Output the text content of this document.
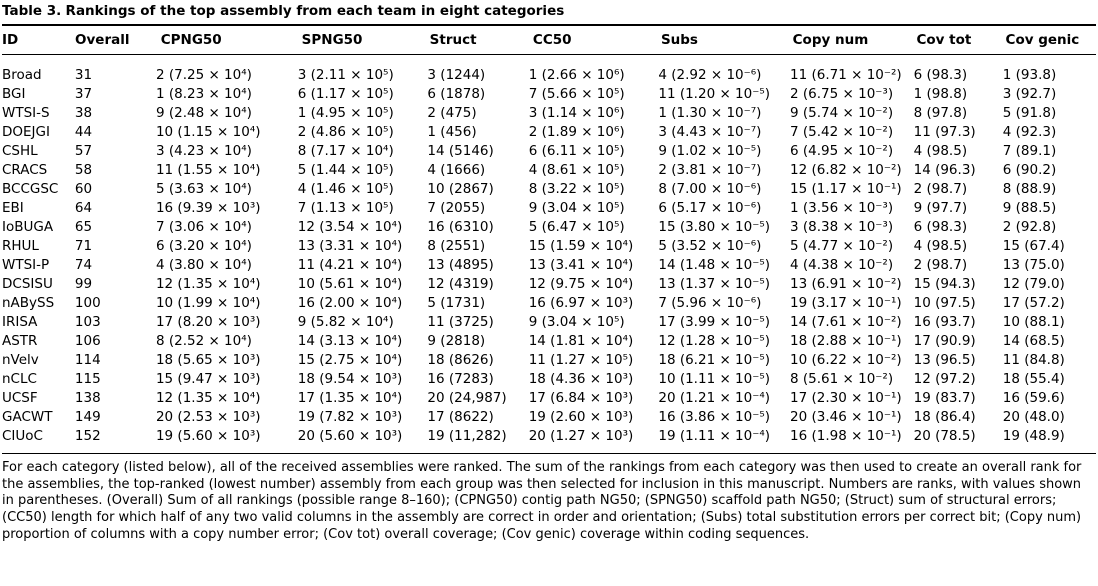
Table 3. Rankings of the top assembly from each team in eight categories
ID	Overall	CPNG50	SPNG50	Struct	CC50	Subs	Copy num	Cov tot	Cov genic

Broad	31	2 (7.25 × 10⁴)	3 (2.11 × 10⁵)	3 (1244)	1 (2.66 × 10⁶)	4 (2.92 × 10⁻⁶)	11 (6.71 × 10⁻²)	6 (98.3)	1 (93.8)
BGI	37	1 (8.23 × 10⁴)	6 (1.17 × 10⁵)	6 (1878)	7 (5.66 × 10⁵)	11 (1.20 × 10⁻⁵)	2 (6.75 × 10⁻³)	1 (98.8)	3 (92.7)
WTSI-S	38	9 (2.48 × 10⁴)	1 (4.95 × 10⁵)	2 (475)	3 (1.14 × 10⁶)	1 (1.30 × 10⁻⁷)	9 (5.74 × 10⁻²)	8 (97.8)	5 (91.8)
DOEJGI	44	10 (1.15 × 10⁴)	2 (4.86 × 10⁵)	1 (456)	2 (1.89 × 10⁶)	3 (4.43 × 10⁻⁷)	7 (5.42 × 10⁻²)	11 (97.3)	4 (92.3)
CSHL	57	3 (4.23 × 10⁴)	8 (7.17 × 10⁴)	14 (5146)	6 (6.11 × 10⁵)	9 (1.02 × 10⁻⁵)	6 (4.95 × 10⁻²)	4 (98.5)	7 (89.1)
CRACS	58	11 (1.55 × 10⁴)	5 (1.44 × 10⁵)	4 (1666)	4 (8.61 × 10⁵)	2 (3.81 × 10⁻⁷)	12 (6.82 × 10⁻²)	14 (96.3)	6 (90.2)
BCCGSC	60	5 (3.63 × 10⁴)	4 (1.46 × 10⁵)	10 (2867)	8 (3.22 × 10⁵)	8 (7.00 × 10⁻⁶)	15 (1.17 × 10⁻¹)	2 (98.7)	8 (88.9)
EBI	64	16 (9.39 × 10³)	7 (1.13 × 10⁵)	7 (2055)	9 (3.04 × 10⁵)	6 (5.17 × 10⁻⁶)	1 (3.56 × 10⁻³)	9 (97.7)	9 (88.5)
IoBUGA	65	7 (3.06 × 10⁴)	12 (3.54 × 10⁴)	16 (6310)	5 (6.47 × 10⁵)	15 (3.80 × 10⁻⁵)	3 (8.38 × 10⁻³)	6 (98.3)	2 (92.8)
RHUL	71	6 (3.20 × 10⁴)	13 (3.31 × 10⁴)	8 (2551)	15 (1.59 × 10⁴)	5 (3.52 × 10⁻⁶)	5 (4.77 × 10⁻²)	4 (98.5)	15 (67.4)
WTSI-P	74	4 (3.80 × 10⁴)	11 (4.21 × 10⁴)	13 (4895)	13 (3.41 × 10⁴)	14 (1.48 × 10⁻⁵)	4 (4.38 × 10⁻²)	2 (98.7)	13 (75.0)
DCSISU	99	12 (1.35 × 10⁴)	10 (5.61 × 10⁴)	12 (4319)	12 (9.75 × 10⁴)	13 (1.37 × 10⁻⁵)	13 (6.91 × 10⁻²)	15 (94.3)	12 (79.0)
nABySS	100	10 (1.99 × 10⁴)	16 (2.00 × 10⁴)	5 (1731)	16 (6.97 × 10³)	7 (5.96 × 10⁻⁶)	19 (3.17 × 10⁻¹)	10 (97.5)	17 (57.2)
IRISA	103	17 (8.20 × 10³)	9 (5.82 × 10⁴)	11 (3725)	9 (3.04 × 10⁵)	17 (3.99 × 10⁻⁵)	14 (7.61 × 10⁻²)	16 (93.7)	10 (88.1)
ASTR	106	8 (2.52 × 10⁴)	14 (3.13 × 10⁴)	9 (2818)	14 (1.81 × 10⁴)	12 (1.28 × 10⁻⁵)	18 (2.88 × 10⁻¹)	17 (90.9)	14 (68.5)
nVelv	114	18 (5.65 × 10³)	15 (2.75 × 10⁴)	18 (8626)	11 (1.27 × 10⁵)	18 (6.21 × 10⁻⁵)	10 (6.22 × 10⁻²)	13 (96.5)	11 (84.8)
nCLC	115	15 (9.47 × 10³)	18 (9.54 × 10³)	16 (7283)	18 (4.36 × 10³)	10 (1.11 × 10⁻⁵)	8 (5.61 × 10⁻²)	12 (97.2)	18 (55.4)
UCSF	138	12 (1.35 × 10⁴)	17 (1.35 × 10⁴)	20 (24,987)	17 (6.84 × 10³)	20 (1.21 × 10⁻⁴)	17 (2.30 × 10⁻¹)	19 (83.7)	16 (59.6)
GACWT	149	20 (2.53 × 10³)	19 (7.82 × 10³)	17 (8622)	19 (2.60 × 10³)	16 (3.86 × 10⁻⁵)	20 (3.46 × 10⁻¹)	18 (86.4)	20 (48.0)
CIUoC	152	19 (5.60 × 10³)	20 (5.60 × 10³)	19 (11,282)	20 (1.27 × 10³)	19 (1.11 × 10⁻⁴)	16 (1.98 × 10⁻¹)	20 (78.5)	19 (48.9)

For each category (listed below), all of the received assemblies were ranked. The sum of the rankings from each category was then used to create an overall rank for the assemblies, the top-ranked (lowest number) assembly from each group was then selected for inclusion in this manuscript. Numbers are ranks, with values shown in parentheses. (Overall) Sum of all rankings (possible range 8–160); (CPNG50) contig path NG50; (SPNG50) scaffold path NG50; (Struct) sum of structural errors; (CC50) length for which half of any two valid columns in the assembly are correct in order and orientation; (Subs) total substitution errors per correct bit; (Copy num) proportion of columns with a copy number error; (Cov tot) overall coverage; (Cov genic) coverage within coding sequences.
